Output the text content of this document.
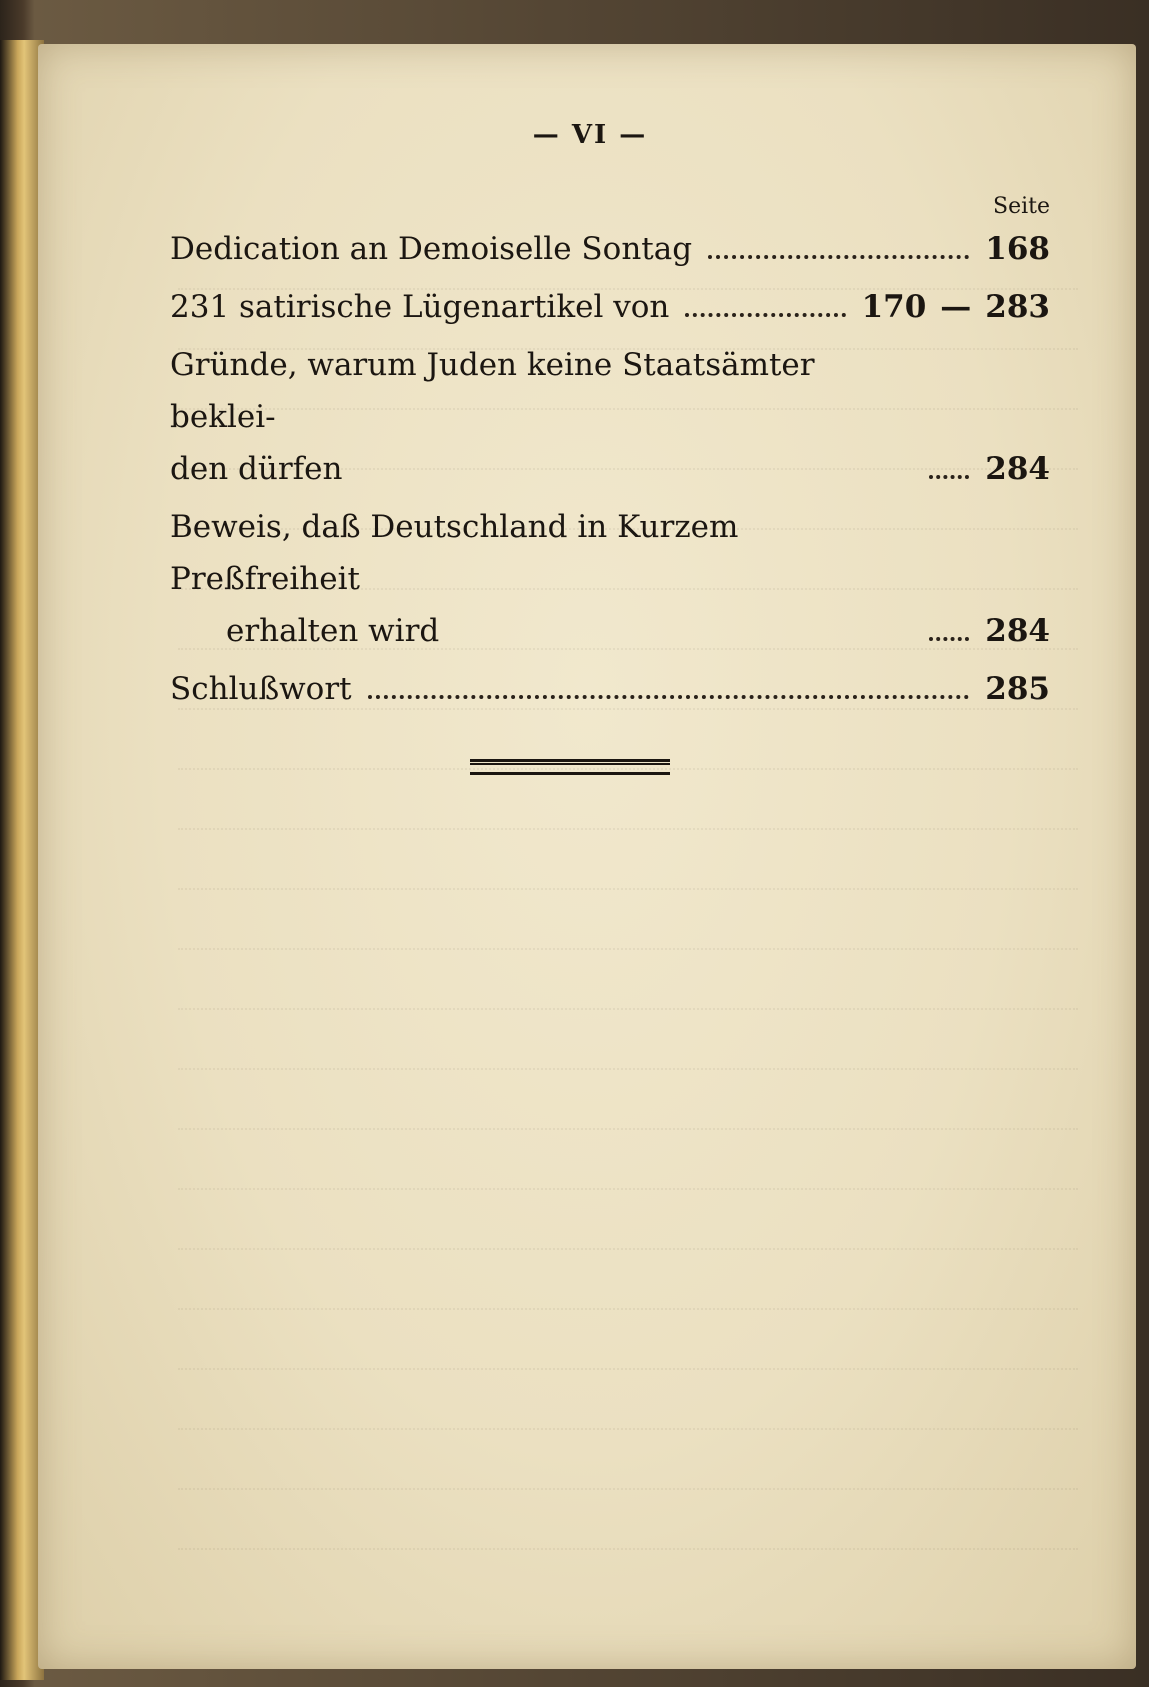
— VI —
Seite
Dedication an Demoiselle Sontag	168
231 satirische Lügenartikel von	170 — 283
Gründe, warum Juden keine Staatsämter beklei-
den dürfen	284
Beweis, daß Deutschland in Kurzem Preßfreiheit
erhalten wird	284
Schlußwort	285
